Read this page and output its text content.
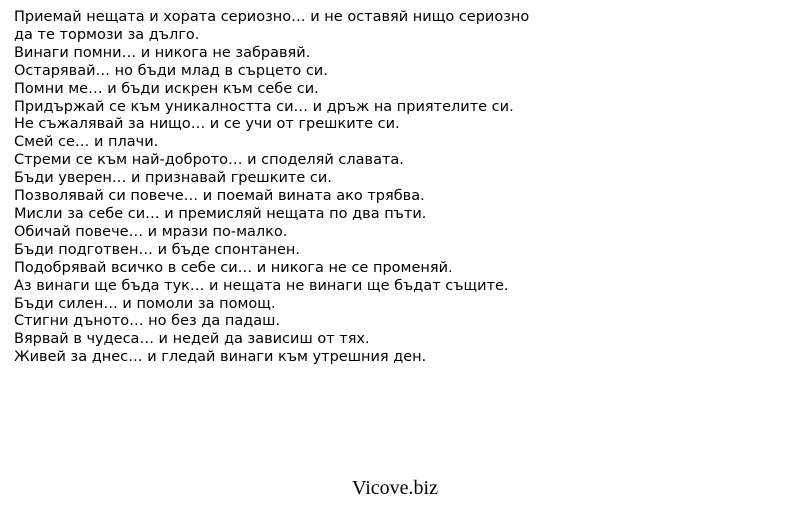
Приемай нещата и хората сериозно… и не оставяй нищо сериозно
да те тормози за дълго.
Винаги помни… и никога не забравяй.
Остарявай… но бъди млад в сърцето си.
Помни ме… и бъди искрен към себе си.
Придържай се към уникалността си… и дръж на приятелите си.
Не съжалявай за нищо… и се учи от грешките си.
Смей се… и плачи.
Стреми се към най-доброто… и споделяй славата.
Бъди уверен… и признавай грешките си.
Позволявай си повече… и поемай вината ако трябва.
Мисли за себе си… и премисляй нещата по два пъти.
Обичай повече… и мрази по-малко.
Бъди подготвен… и бъде спонтанен.
Подобрявай всичко в себе си… и никога не се променяй.
Аз винаги ще бъда тук… и нещата не винаги ще бъдат същите.
Бъди силен… и помоли за помощ.
Стигни дъното… но без да падаш.
Вярвай в чудеса… и недей да зависиш от тях.
Живей за днес… и гледай винаги към утрешния ден.
Vicove.biz
